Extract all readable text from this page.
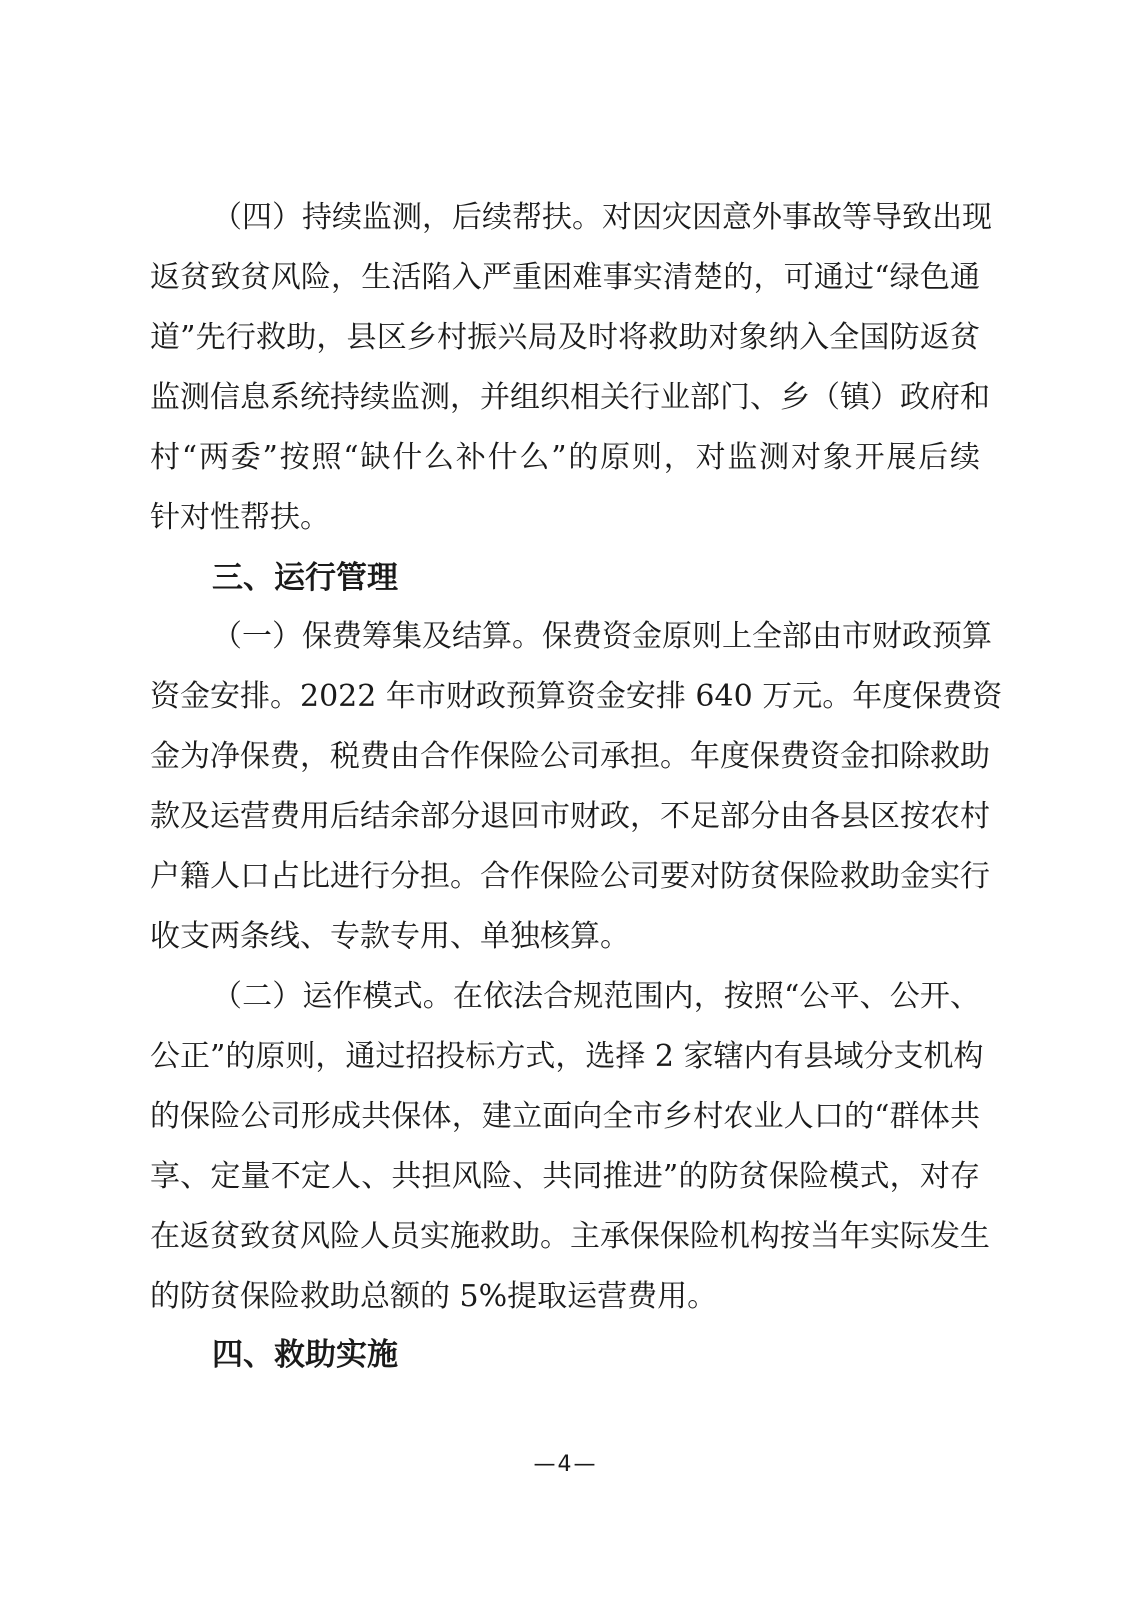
（四）持续监测，后续帮扶。对因灾因意外事故等导致出现
返贫致贫风险，生活陷入严重困难事实清楚的，可通过“绿色通
道”先行救助，县区乡村振兴局及时将救助对象纳入全国防返贫
监测信息系统持续监测，并组织相关行业部门、乡（镇）政府和
村“两委”按照“缺什么补什么”的原则，对监测对象开展后续
针对性帮扶。
三、运行管理
（一）保费筹集及结算。保费资金原则上全部由市财政预算
资金安排。2022 年市财政预算资金安排 640 万元。年度保费资
金为净保费，税费由合作保险公司承担。年度保费资金扣除救助
款及运营费用后结余部分退回市财政，不足部分由各县区按农村
户籍人口占比进行分担。合作保险公司要对防贫保险救助金实行
收支两条线、专款专用、单独核算。
（二）运作模式。在依法合规范围内，按照“公平、公开、
公正”的原则，通过招投标方式，选择 2 家辖内有县域分支机构
的保险公司形成共保体，建立面向全市乡村农业人口的“群体共
享、定量不定人、共担风险、共同推进”的防贫保险模式，对存
在返贫致贫风险人员实施救助。主承保保险机构按当年实际发生
的防贫保险救助总额的 5%提取运营费用。
四、救助实施
—4—
